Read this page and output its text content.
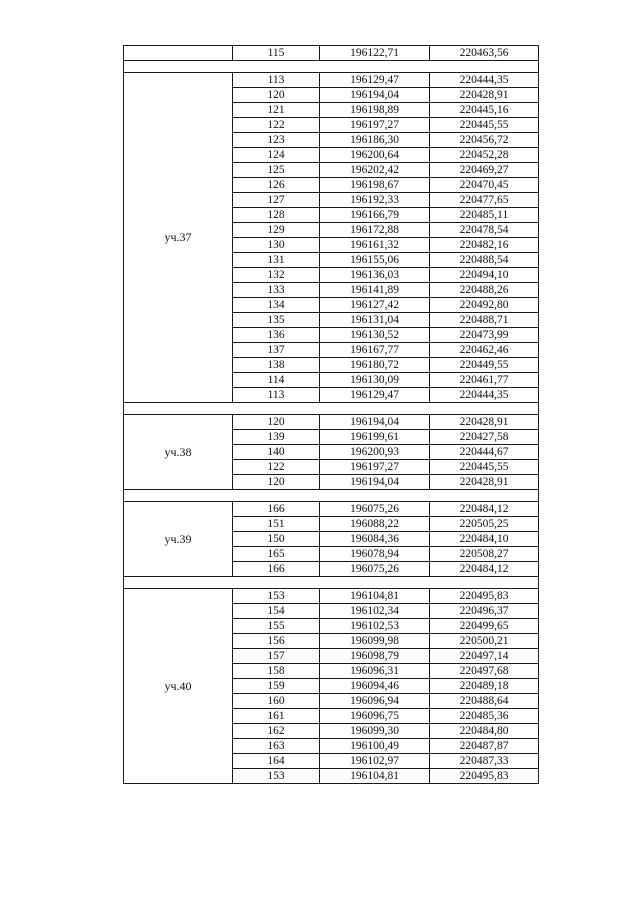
	115	196122,71	220463,56

уч.37	113	196129,47	220444,35
	120	196194,04	220428,91
	121	196198,89	220445,16
	122	196197,27	220445,55
	123	196186,30	220456,72
	124	196200,64	220452,28
	125	196202,42	220469,27
	126	196198,67	220470,45
	127	196192,33	220477,65
	128	196166,79	220485,11
	129	196172,88	220478,54
	130	196161,32	220482,16
	131	196155,06	220488,54
	132	196136,03	220494,10
	133	196141,89	220488,26
	134	196127,42	220492,80
	135	196131,04	220488,71
	136	196130,52	220473,99
	137	196167,77	220462,46
	138	196180,72	220449,55
	114	196130,09	220461,77
	113	196129,47	220444,35

уч.38	120	196194,04	220428,91
	139	196199,61	220427,58
	140	196200,93	220444,67
	122	196197,27	220445,55
	120	196194,04	220428,91

уч.39	166	196075,26	220484,12
	151	196088,22	220505,25
	150	196084,36	220484,10
	165	196078,94	220508,27
	166	196075,26	220484,12

уч.40	153	196104,81	220495,83
	154	196102,34	220496,37
	155	196102,53	220499,65
	156	196099,98	220500,21
	157	196098,79	220497,14
	158	196096,31	220497,68
	159	196094,46	220489,18
	160	196096,94	220488,64
	161	196096,75	220485,36
	162	196099,30	220484,80
	163	196100,49	220487,87
	164	196102,97	220487,33
	153	196104,81	220495,83
